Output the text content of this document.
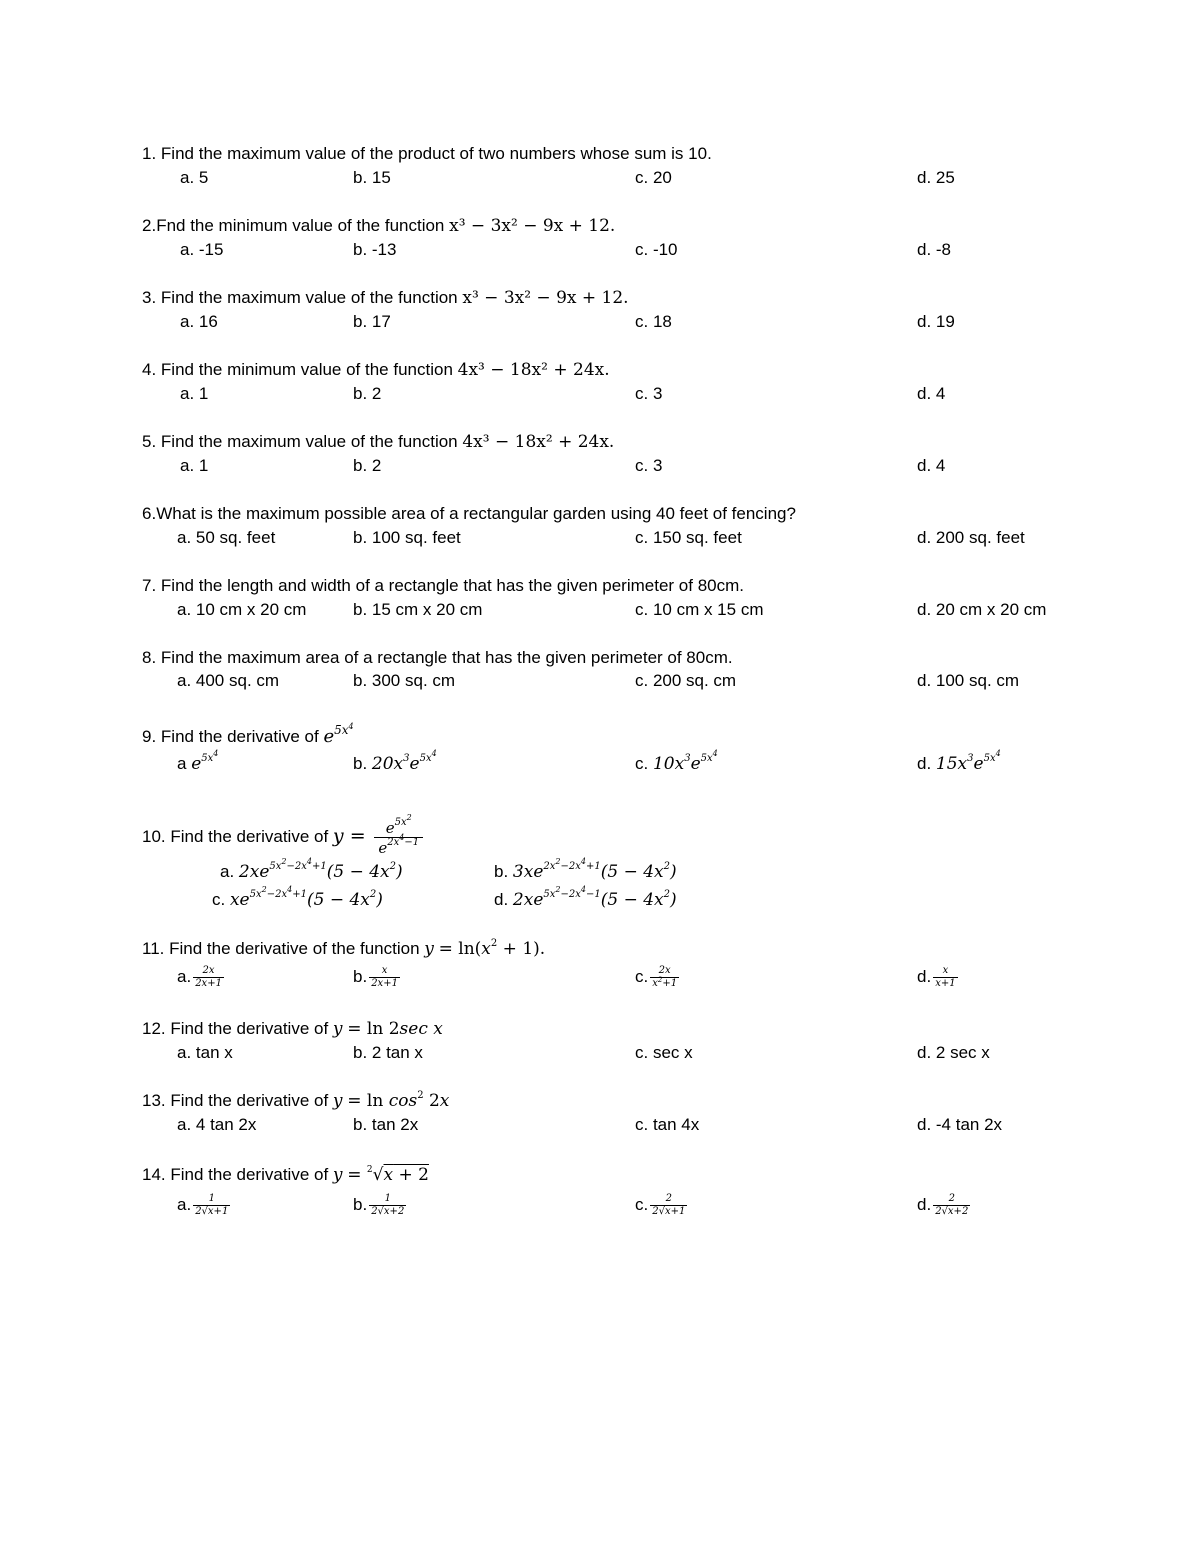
1. Find the maximum value of the product of two numbers whose sum is 10.
a. 5	b. 15	c. 20	d. 25
2.Fnd the minimum value of the function x³ − 3x² − 9x + 12.
a. -15	b. -13	c. -10	d. -8
3. Find the maximum value of the function x³ − 3x² − 9x + 12.
a. 16	b. 17	c. 18	d. 19
4. Find the minimum value of the function 4x³ − 18x² + 24x.
a. 1	b. 2	c. 3	d. 4
5. Find the maximum value of the function 4x³ − 18x² + 24x.
a. 1	b. 2	c. 3	d. 4
6.What is the maximum possible area of a rectangular garden using 40 feet of fencing?
a. 50 sq. feet	b. 100 sq. feet	c. 150 sq. feet	d. 200 sq. feet
7. Find the length and width of a rectangle that has the given perimeter of 80cm.
a. 10 cm x 20 cm	b. 15 cm x 20 cm	c. 10 cm x 15 cm	d. 20 cm x 20 cm
8. Find the maximum area of a rectangle that has the given perimeter of 80cm.
a. 400 sq. cm	b. 300 sq. cm	c. 200 sq. cm	d. 100 sq. cm
9. Find the derivative of $e^{5x^4}$
a $e^{5x^4}$
b. $20x^3e^{5x^4}$
c. $10x^3e^{5x^4}$
d. $15x^3e^{5x^4}$
10. Find the derivative of $y = \frac{e^{5x^2}}{e^{2x^4-1}}$
a. $2xe^{5x^2-2x^4+1}(5 - 4x^2)$	b. $3xe^{2x^2-2x^4+1}(5 - 4x^2)$
c. $xe^{5x^2-2x^4+1}(5 - 4x^2)$	d. $2xe^{5x^2-2x^4-1}(5 - 4x^2)$
11. Find the derivative of the function $y = \ln(x^2 + 1)$.
a. $\frac{2x}{2x+1}$	b. $\frac{x}{2x+1}$	c. $\frac{2x}{x^2+1}$	d. $\frac{x}{x+1}$
12. Find the derivative of y = ln 2sec x
a. tan x	b. 2 tan x	c. sec x	d. 2 sec x
13. Find the derivative of $y = \ln \cos^2 2x$
a. 4 tan 2x	b. tan 2x	c. tan 4x	d. -4 tan 2x
14. Find the derivative of y = $^2$√x + 2
a. $\frac{1}{2√x+1}$	b. $\frac{1}{2√x+2}$	c. $\frac{2}{2√x+1}$	d. $\frac{2}{2√x+2}$
